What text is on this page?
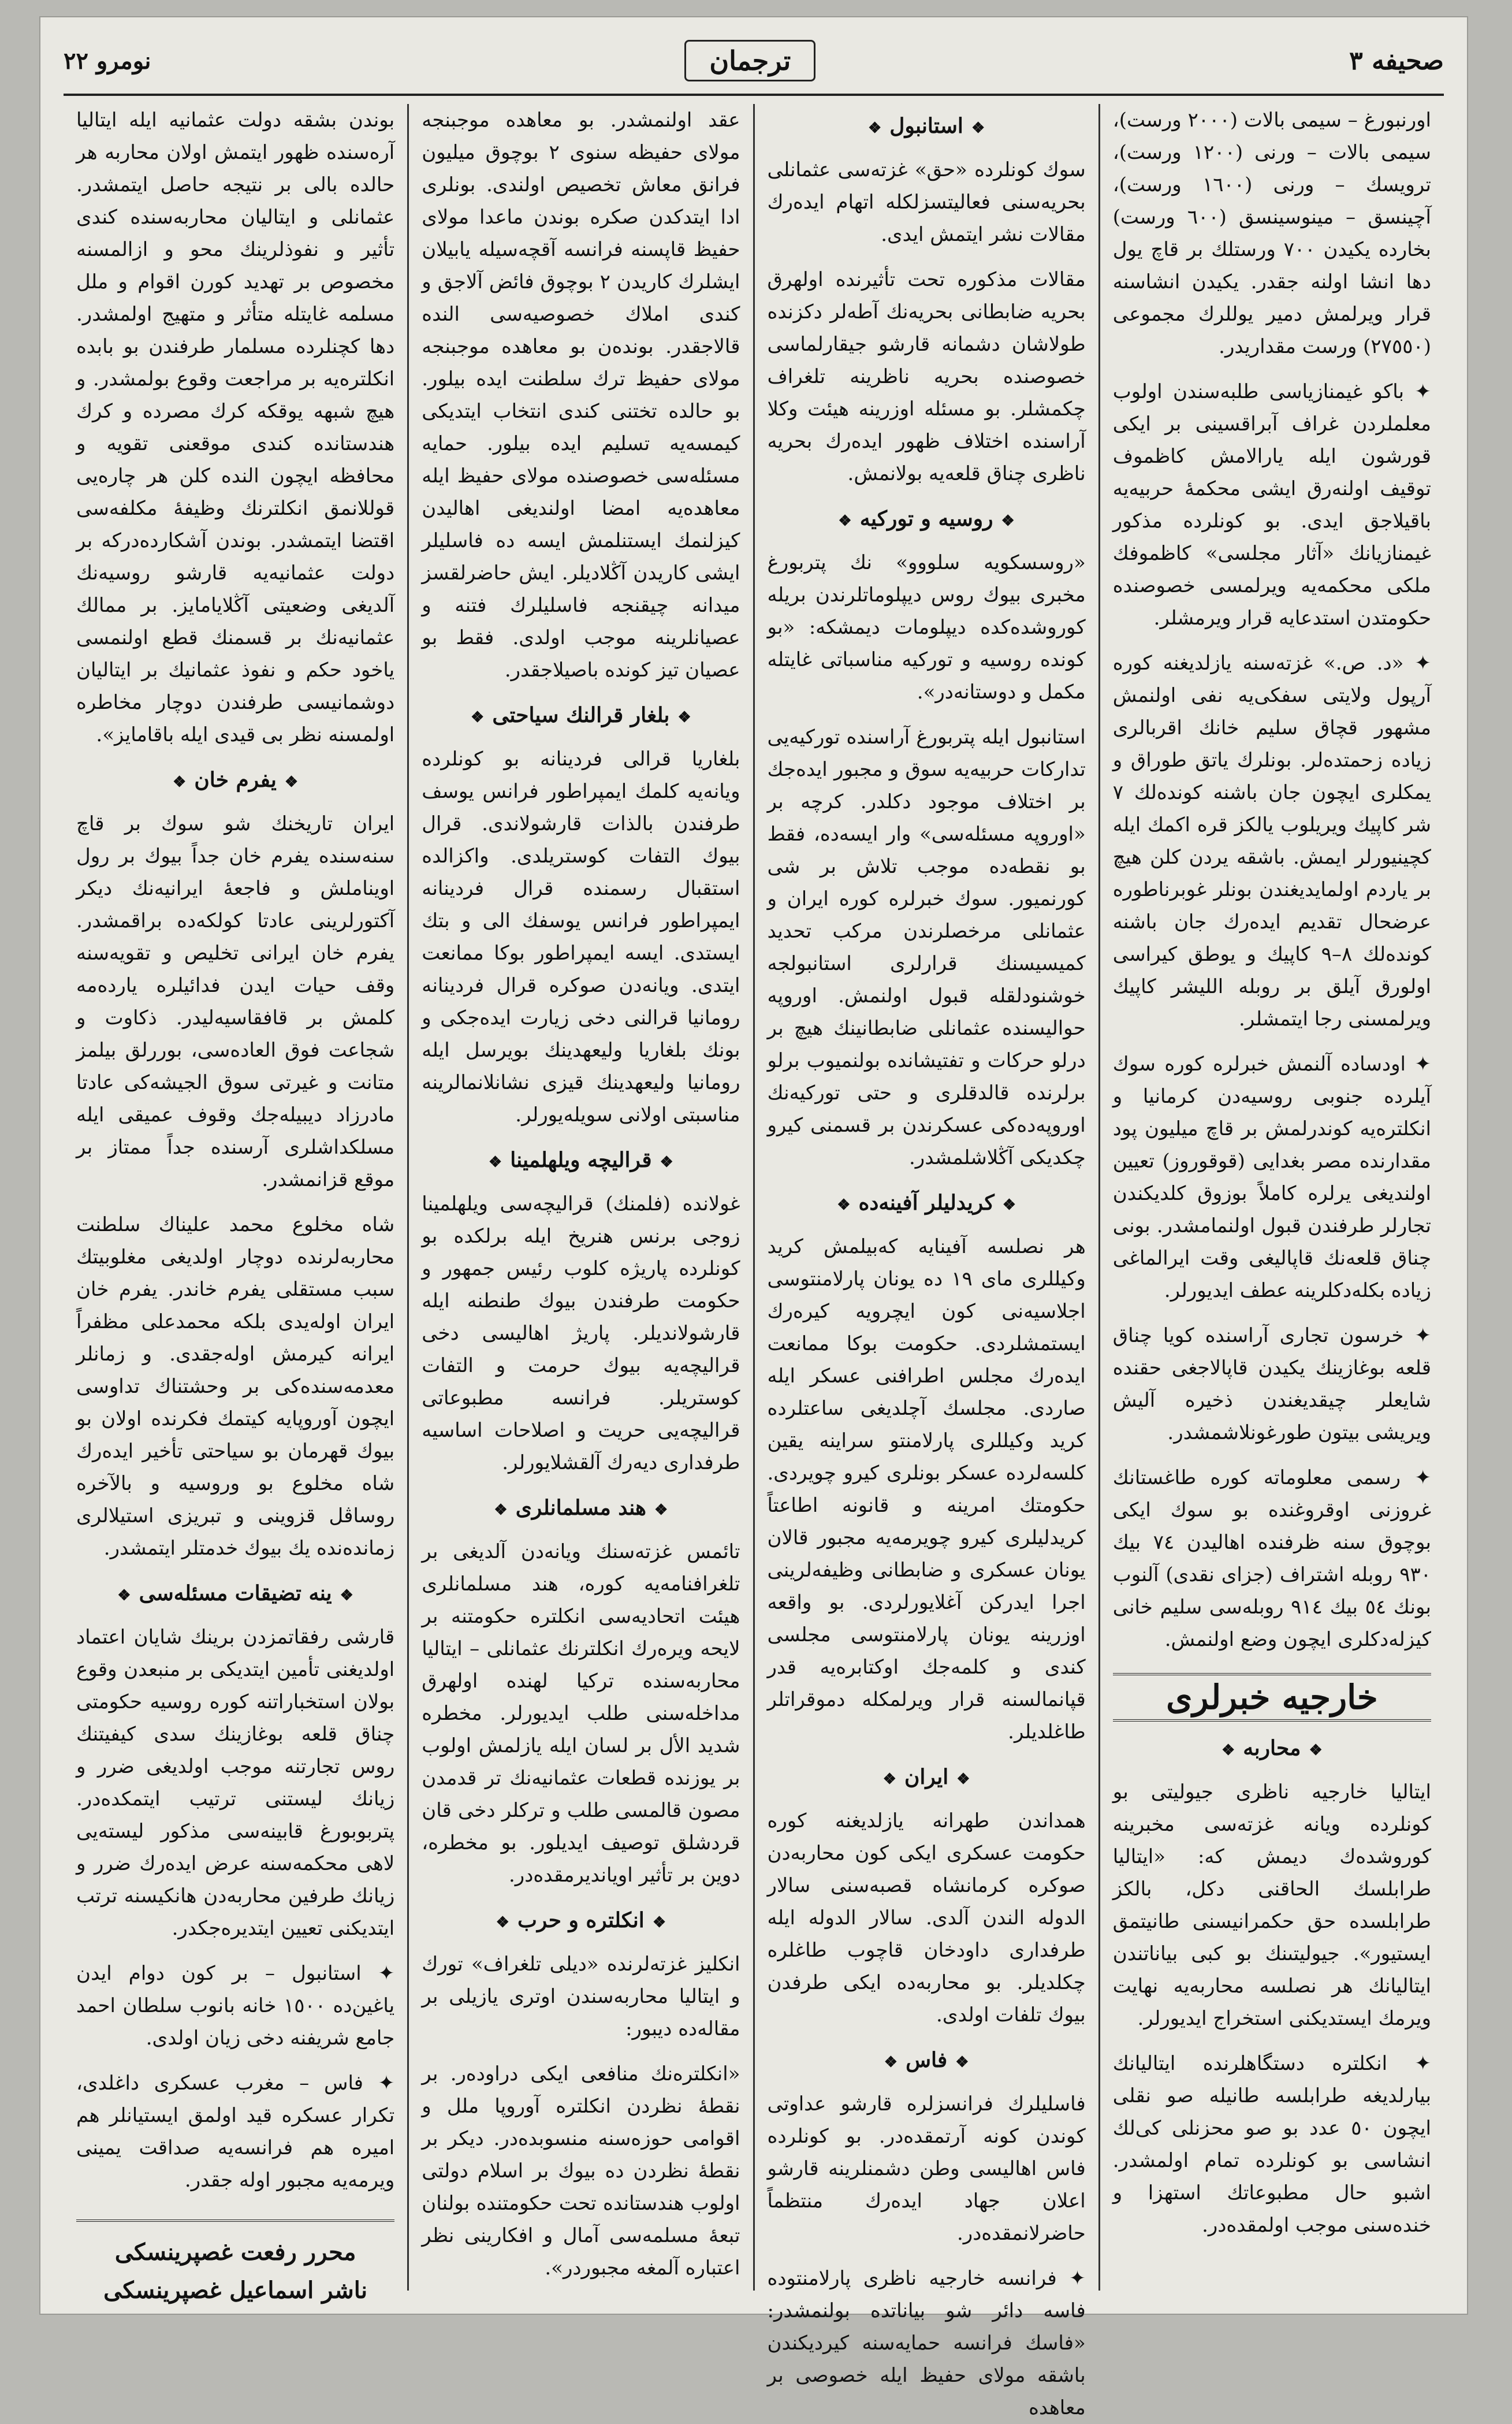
صحيفه ٣
ترجمان
نومرو ٢٢

اورنبورغ – سيمى بالات (٢٠٠٠ ورست)، سيمى بالات – ورنى (١٢٠٠ ورست)، ترويسك – ورنى (١٦٠٠ ورست)، آچينسق – مينوسينسق (٦٠٠ ورست) بخارده يكيدن ٧٠٠ ورستلك بر قاچ يول دها انشا اولنه جقدر. يكيدن انشاسنه قرار ويرلمش دمير يوللرك مجموعى (٢٧٥٥٠) ورست مقداريدر.

✦ باكو غيمنازياسى طلبه‌سندن اولوب معلملردن غراف آبراقسينى بر ايكى قورشون ايله يارالامش كاظموف توقيف اولنه‌رق ايشى محكمهٔ حربيه‌يه باقيلاجق ايدى. بو كونلرده مذكور غيمنازيانك «آثار مجلسى» كاظموفك ملكى محكمه‌يه ويرلمسى خصوصنده حكومتدن استدعايه قرار ويرمشلر.

✦ «د. ص.» غزته‌سنه يازلديغنه كوره آرپول ولايتى سفكى‌يه نفى اولنمش مشهور قچاق سليم خانك اقربالرى زياده زحمتده‌لر. بونلرك ياتق طوراق و يمكلرى ايچون جان باشنه كونده‌لك ٧ شر كاپيك ويريلوب يالكز قره اكمك ايله كچينيورلر ايمش. باشقه يردن كلن هيچ بر ياردم اولمايديغندن بونلر غوبرناطوره عرضحال تقديم ايده‌رك جان باشنه كونده‌لك ٨–٩ كاپيك و يوطق كيراسى اولورق آيلق بر روبله الليشر كاپيك ويرلمسنى رجا ايتمشلر.

✦ اودساده آلنمش خبرلره كوره سوك آيلرده جنوبى روسيه‌دن كرمانيا و انكلتره‌يه كوندرلمش بر قاچ ميليون پود مقدارنده مصر بغدايى (قوقوروز) تعيين اولنديغى يرلره كاملاً بوزوق كلديكندن تجارلر طرفندن قبول اولنمامشدر. بونى چناق قلعه‌نك قاپاليغى وقت ايرالماغى زياده بكله‌دكلرينه عطف ايديورلر.

✦ خرسون تجارى آراسنده كويا چناق قلعه بوغازينك يكيدن قاپالاجغى حقنده شايعلر چيقديغندن ذخيره آليش ويريشى بيتون طورغونلاشمشدر.

✦ رسمى معلوماته كوره طاغستانك غروزنى اوقروغنده بو سوك ايكى بوچوق سنه ظرفنده اهاليدن ٧٤ بيك ٩٣٠ روبله اشتراف (جزاى نقدى) آلنوب بونك ٥٤ بيك ٩١٤ روبله‌سى سليم خانى كيزله‌دكلرى ايچون وضع اولنمش.

خارجيه خبرلرى
❖ محاربه ❖

ايتاليا خارجيه ناظرى جيوليتى بو كونلرده ويانه غزته‌سى مخبرينه كوروشده‌ك ديمش كه: «ايتاليا طرابلسك الحاقنى دكل، بالكز طرابلسده حق حكمرانيسنى طانيتمق ايستيور». جيوليتىنك بو كبى بياناتندن ايتاليانك هر نصلسه محاربه‌يه نهايت ويرمك ايستديكنى استخراج ايديورلر.

✦ انكلتره دستگاهلرنده ايتاليانك بيارلديغه طرابلسه طانيله صو نقلى ايچون ٥٠ عدد بو صو محزنلى كى‌لك انشاسى بو كونلرده تمام اولمشدر. اشبو حال مطبوعاتك استهزا و خنده‌سنى موجب اولمقده‌در.

❖ استانبول ❖

سوك كونلرده «حق» غزته‌سى عثمانلى بحريه‌سنى فعاليتسزلكله اتهام ايده‌رك مقالات نشر ايتمش ايدى.

مقالات مذكوره تحت تأثيرنده اولهرق بحريه ضابطانى بحريه‌نك آطه‌لر دكزنده طولاشان دشمانه قارشو جيقارلماسى خصوصنده بحريه ناظرينه تلغراف چكمشلر. بو مسئله اوزرينه هيئت وكلا آراسنده اختلاف ظهور ايده‌رك بحريه ناظرى چناق قلعه‌يه بولانمش.

❖ روسيه و توركيه ❖

«روسسكويه سلووو» نك پتربورغ مخبرى بيوك روس ديپلوماتلرندن بريله كوروشده‌كده ديپلومات ديمشكه: «بو كونده روسيه و توركيه مناسباتى غايتله مكمل و دوستانه‌در».

استانبول ايله پتربورغ آراسنده توركيه‌يى تدارکات حربيه‌يه سوق و مجبور ايده‌جك بر اختلاف موجود دكلدر. كرچه بر «اوروپه مسئله‌سى» وار ايسه‌ده، فقط بو نقطه‌ده موجب تلاش بر شى كورنميور. سوك خبرلره كوره ايران و عثمانلى مرخصلرندن مركب تحديد كميسيسنك قرارلرى استانبولجه خوشنودلقله قبول اولنمش. اوروپه حواليسنده عثمانلى ضابطانينك هيچ بر درلو حركات و تفتيشانده بولنميوب برلو برلرنده قالدقلرى و حتى توركيه‌نك اوروپه‌ده‌كى عسكرندن بر قسمنى كيرو چكديكى آڭلاشلمشدر.

❖ كريدليلر آفينه‌ده ❖

هر نصلسه آفينايه كه‌بيلمش كريد وكيللرى ماى ١٩ ده يونان پارلامنتوسى اجلاسيه‌نى كون ايچرويه كيره‌رك ايستمشلردى. حكومت بوكا ممانعت ايده‌رك مجلس اطرافنى عسكر ايله صاردى. مجلسك آچلديغى ساعتلرده كريد وكيللرى پارلامنتو سراينه يقين كلسه‌لرده عسكر بونلرى كيرو چويردى. حكومتك امرينه و قانونه اطاعتاً كريدليلرى كيرو چويرمه‌يه مجبور قالان يونان عسكرى و ضابطانى وظيفه‌لرينى اجرا ايدركن آغلايورلردى. بو واقعه اوزرينه يونان پارلامنتوسى مجلسى كندى و كلمه‌جك اوكتابره‌يه قدر قپانمالسنه قرار ويرلمكله دموقراتلر طاغلديلر.

❖ ايران ❖

همداندن طهرانه يازلديغنه كوره حكومت عسكرى ايكى كون محاربه‌دن صوكره كرمانشاه قصبه‌سنى سالار الدوله الندن آلدى. سالار الدوله ايله طرفدارى داودخان قاچوب طاغلره چكلديلر. بو محاربه‌ده ايكى طرفدن بيوك تلفات اولدى.

❖ فاس ❖

فاسليلرك فرانسزلره قارشو عداوتى كوندن كونه آرتمقده‌در. بو كونلرده فاس اهاليسى وطن دشمنلرينه قارشو اعلان جهاد ايده‌رك منتظماً حاضرلانمقده‌در.

✦ فرانسه خارجيه ناظرى پارلامنتوده فاسه دائر شو بياناتده بولنمشدر: «فاسك فرانسه حمايه‌سنه كيرديكندن باشقه مولاى حفيظ ايله خصوصى بر معاهده

عقد اولنمشدر. بو معاهده موجبنجه مولاى حفيظه سنوى ٢ بوچوق ميليون فرانق معاش تخصيص اولندى. بونلرى ادا ايتدكدن صكره بوندن ماعدا مولاى حفيظ قاپسنه فرانسه آقچه‌سيله يابيلان ايشلرك كاريدن ٢ بوچوق فائض آلاجق و كندى املاك خصوصيه‌سى النده قالاجقدر. بونده‌ن بو معاهده موجبنجه مولاى حفيظ ترك سلطنت ايده بيلور. بو حالده تختنى كندى انتخاب ايتديكى كيمسه‌يه تسليم ايده بيلور. حمايه مسئله‌سى خصوصنده مولاى حفيظ ايله معاهده‌يه امضا اولنديغى اهاليدن كيزلنمك ايستنلمش ايسه ده فاسليلر ايشى كاريدن آڭلاديلر. ايش حاضرلقسز ميدانه چيقنجه فاسليلرك فتنه و عصيانلرينه موجب اولدى. فقط بو عصيان تيز كونده باصيلاجقدر.

❖ بلغار قرالنك سياحتى ❖

بلغاريا قرالى فردينانه بو كونلرده ويانه‌يه كلمك ايمپراطور فرانس يوسف طرفندن بالذات قارشولاندى. قرال بيوك التفات كوستريلدى. واكزالده استقبال رسمنده قرال فردينانه ايمپراطور فرانس يوسفك الى و بتك ايستدى. ايسه ايمپراطور بوكا ممانعت ايتدى. ويانه‌دن صوكره قرال فردينانه رومانيا قرالنى دخى زيارت ايده‌جكى و بونك بلغاريا وليعهدينك بويرسل ايله رومانيا وليعهدينك قيزى نشانلانمالرينه مناسبتى اولانى سويله‌يورلر.

❖ قراليچه ويلهلمينا ❖

غولانده (فلمنك) قراليچه‌سى ويلهلمينا زوجى برنس هنريخ ايله برلكده بو كونلرده پاريژه كلوب رئيس جمهور و حكومت طرفندن بيوك طنطنه ايله قارشولانديلر. پاريژ اهاليسى دخى قراليچه‌يه بيوك حرمت و التفات كوستريلر. فرانسه مطبوعاتى قراليچه‌يى حريت و اصلاحات اساسيه طرفدارى ديه‌رك آلقشلايورلر.

❖ هند مسلمانلرى ❖

تائمس غزته‌سنك ويانه‌دن آلديغى بر تلغرافنامه‌يه كوره، هند مسلمانلرى هيئت اتحاديه‌سى انكلتره حكومتنه بر لايحه ويره‌رك انكلترنك عثمانلى – ايتاليا محاربه‌سنده تركيا لهنده اولهرق مداخله‌سنى طلب ايديورلر. مخطره شديد الأل بر لسان ايله يازلمش اولوب بر يوزنده قطعات عثمانيه‌نك تر قدمدن مصون قالمسى طلب و تركلر دخى قان قردشلق توصيف ايديلور. بو مخطره، دوين بر تأثير اويانديرمقده‌در.

❖ انكلتره و حرب ❖

انكليز غزته‌لرنده «ديلى تلغراف» تورك و ايتاليا محاربه‌سندن اوترى يازيلى بر مقاله‌ده ديبور:

«انكلتره‌نك منافعى ايكى دراوده‌ر. بر نقطهٔ نظردن انكلتره آوروپا ملل و اقوامى حوزه‌سنه منسوبده‌در. ديكر بر نقطهٔ نظردن ده بيوك بر اسلام دولتى اولوب هندستانده تحت حكومتنده بولنان تبعهٔ مسلمه‌سى آمال و افكارينى نظر اعتباره آلمغه مجبوردر».

بوندن بشقه دولت عثمانيه ايله ايتاليا آره‌سنده ظهور ايتمش اولان محاربه هر حالده بالى بر نتيجه حاصل ايتمشدر. عثمانلى و ايتاليان محاربه‌سنده كندى تأثير و نفوذلرينك محو و ازالمسنه مخصوص بر تهديد كورن اقوام و ملل مسلمه غايتله متأثر و متهيج اولمشدر. دها كچنلرده مسلمار طرفندن بو بابده انكلتره‌يه بر مراجعت وقوع بولمشدر. و هيچ شبهه يوقكه كرك مصرده و كرك هندستانده كندى موقعنى تقويه و محافظه ايچون النده كلن هر چاره‌يى قوللانمق انكلترنك وظيفهٔ مكلفه‌سى اقتضا ايتمشدر. بوندن آشكارده‌دركه بر دولت عثمانيه‌يه قارشو روسيه‌نك آلديغى وضعيتى آڭلايامايز. بر ممالك عثمانيه‌نك بر قسمنك قطع اولنمسى ياخود حكم و نفوذ عثمانيك بر ايتاليان دوشمانيسى طرفندن دوچار مخاطره اولمسنه نظر بى قيدى ايله باقامايز».

❖ يفرم خان ❖

ايران تاريخنك شو سوك بر قاچ سنه‌سنده يفرم خان جداً بيوك بر رول اويناملش و فاجعهٔ ايرانيه‌نك ديكر آكتورلرينى عادتا كولكه‌ده براقمشدر. يفرم خان ايرانى تخليص و تقويه‌سنه وقف حيات ايدن فدائيلره يارده‌مه كلمش بر قافقاسيه‌ليدر. ذكاوت و شجاعت فوق العاده‌سى، بوررلق بيلمز متانت و غيرتى سوق الجيشه‌كى عادتا مادرزاد ديبيله‌جك وقوف عميقى ايله مسلكداشلرى آرسنده جداً ممتاز بر موقع قزانمشدر.

شاه مخلوع محمد عليناك سلطنت محاربه‌لرنده دوچار اولديغى مغلوبيتك سبب مستقلى يفرم خاندر. يفرم خان ايران اوله‌يدى بلكه محمدعلى مظفراً ايرانه كيرمش اوله‌جقدى. و زمانلر معدمه‌سنده‌كى بر وحشتناك تداوسى ايچون آوروپايه كيتمك فكرنده اولان بو بيوك قهرمان بو سياحتى تأخير ايده‌رك شاه مخلوع بو وروسيه و بالآخره روساڤل قزوينى و تبريزى استيلالرى زمانده‌نده يك بيوك خدمتلر ايتمشدر.

❖ ينه تضيقات مسئله‌سى ❖

قارشى رفقاتمزدن برينك شايان اعتماد اولديغنى تأمين ايتديكى بر منبعدن وقوع بولان استخباراتنه كوره روسيه حكومتى چناق قلعه بوغازينك سدى كيفيتنك روس تجارتنه موجب اولديغى ضرر و زيانك ليستنى ترتيب ايتمكده‌در. پتربوبورغ قابينه‌سى مذكور ليسته‌يى لاهى محكمه‌سنه عرض ايده‌رك ضرر و زيانك طرفين محاربه‌دن هانكيسنه ترتب ايتديكنى تعيين ايتديره‌جكدر.

✦ استانبول – بر كون دوام ايدن ياغين‌ده ١٥٠٠ خانه بانوب سلطان احمد جامع شريفنه دخى زيان اولدى.

✦ فاس – مغرب عسكرى داغلدى، تكرار عسكره قيد اولمق ايستيانلر هم اميره هم فرانسه‌يه صداقت يمينى ويرمه‌يه مجبور اوله جقدر.

محرر رفعت غصپرينسكى
ناشر اسماعيل غصپرينسكى
